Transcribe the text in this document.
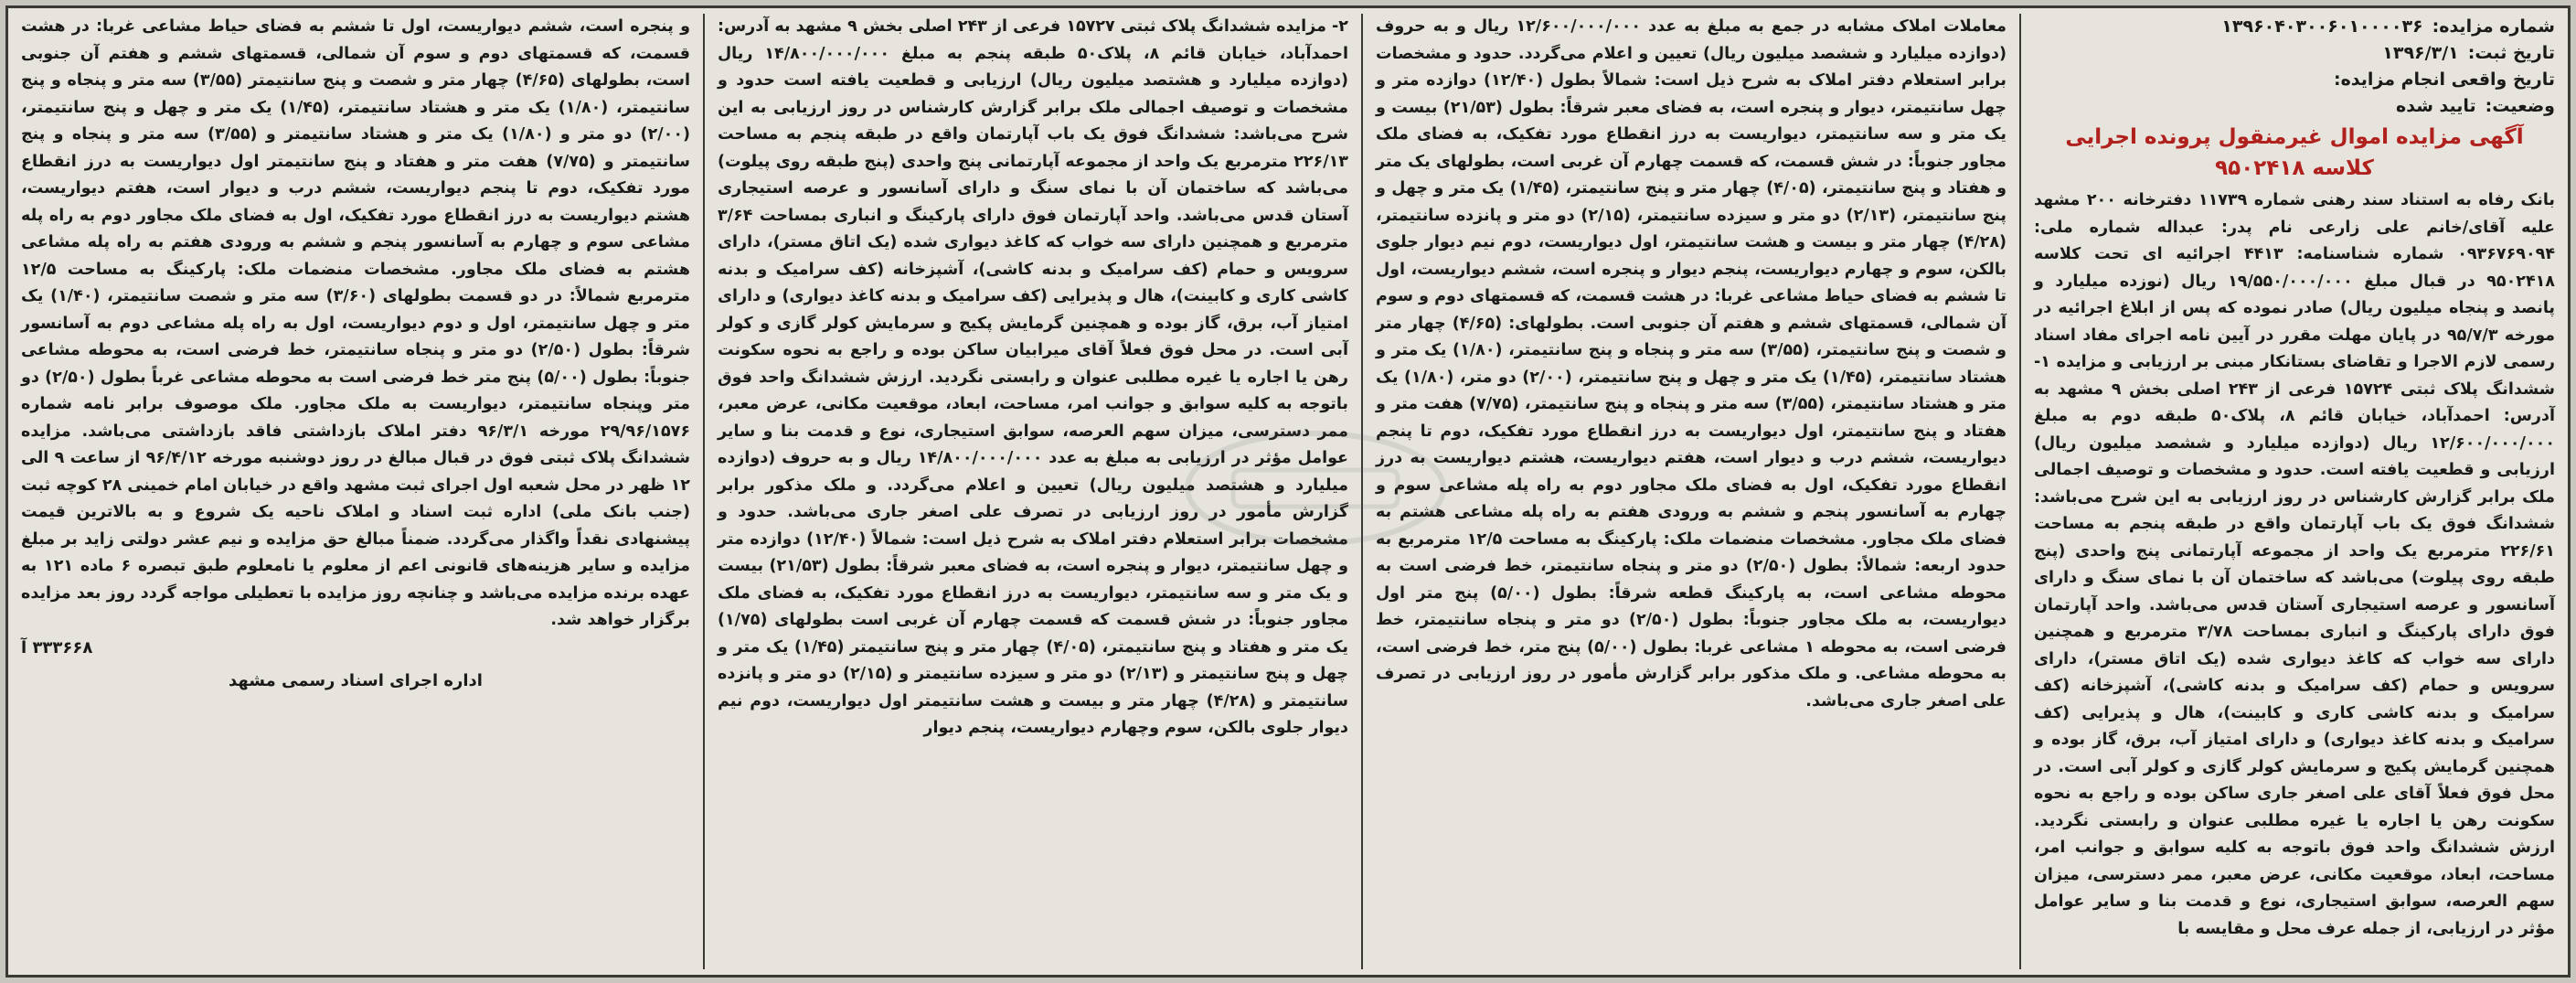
شماره مزایده:
۱۳۹۶۰۴۰۳۰۰۶۰۱۰۰۰۰۳۶
تاریخ ثبت:
۱۳۹۶/۳/۱
تاریخ واقعی انجام مزایده:
وضعیت:
تایید شده
آگهی مزایده اموال غیرمنقول پرونده اجرایی کلاسه ۹۵۰۲۴۱۸

بانک رفاه به استناد سند رهنی شماره ۱۱۷۳۹ دفترخانه ۲۰۰ مشهد علیه آقای/خانم علی زارعی نام پدر: عبداله شماره ملی: ۰۹۳۶۷۶۹۰۹۴ شماره شناسنامه: ۴۴۱۳ اجرائیه ای تحت کلاسه ۹۵۰۲۴۱۸ در قبال مبلغ ۱۹/۵۵۰/۰۰۰/۰۰۰ ریال (نوزده میلیارد و پانصد و پنجاه میلیون ریال) صادر نموده که پس از ابلاغ اجرائیه در مورخه ۹۵/۷/۳ در پایان مهلت مقرر در آیین نامه اجرای مفاد اسناد رسمی لازم الاجرا و تقاضای بستانکار مبنی بر ارزیابی و مزایده ۱- ششدانگ پلاک ثبتی ۱۵۷۲۴ فرعی از ۲۴۳ اصلی بخش ۹ مشهد به آدرس: احمدآباد، خیابان قائم ۸، پلاک۵۰ طبقه دوم به مبلغ ۱۲/۶۰۰/۰۰۰/۰۰۰ ریال (دوازده میلیارد و ششصد میلیون ریال) ارزیابی و قطعیت یافته است. حدود و مشخصات و توصیف اجمالی ملک برابر گزارش کارشناس در روز ارزیابی به این شرح می‌باشد: ششدانگ فوق یک باب آپارتمان واقع در طبقه پنجم به مساحت ۲۲۶/۶۱ مترمربع یک واحد از مجموعه آپارتمانی پنج واحدی (پنج طبقه روی پیلوت) می‌باشد که ساختمان آن با نمای سنگ و دارای آسانسور و عرصه استیجاری آستان قدس می‌باشد. واحد آپارتمان فوق دارای پارکینگ و انباری بمساحت ۳/۷۸ مترمربع و همچنین دارای سه خواب که کاغذ دیواری شده (یک اتاق مستر)، دارای سرویس و حمام (کف سرامیک و بدنه کاشی)، آشپزخانه (کف سرامیک و بدنه کاشی کاری و کابینت)، هال و پذیرایی (کف سرامیک و بدنه کاغذ دیواری) و دارای امتیاز آب، برق، گاز بوده و همچنین گرمایش پکیج و سرمایش کولر گازی و کولر آبی است. در محل فوق فعلاً آقای علی اصغر جاری ساکن بوده و راجع به نحوه سکونت رهن یا اجاره یا غیره مطلبی عنوان و رابستی نگردید. ارزش ششدانگ واحد فوق باتوجه به کلیه سوابق و جوانب امر، مساحت، ابعاد، موقعیت مکانی، عرض معبر، ممر دسترسی، میزان سهم العرصه، سوابق استیجاری، نوع و قدمت بنا و سایر عوامل مؤثر در ارزیابی، از جمله عرف محل و مقایسه با

معاملات املاک مشابه در جمع به مبلغ به عدد ۱۲/۶۰۰/۰۰۰/۰۰۰ ریال و به حروف (دوازده میلیارد و ششصد میلیون ریال) تعیین و اعلام می‌گردد. حدود و مشخصات برابر استعلام دفتر املاک به شرح ذیل است: شمالاً بطول (۱۲/۴۰) دوازده متر و چهل سانتیمتر، دیوار و پنجره است، به فضای معبر شرقاً: بطول (۲۱/۵۳) بیست و یک متر و سه سانتیمتر، دیواریست به درز انقطاع مورد تفکیک، به فضای ملک مجاور جنوباً: در شش قسمت، که قسمت چهارم آن غربی است، بطولهای یک متر و هفتاد و پنج سانتیمتر، (۴/۰۵) چهار متر و پنج سانتیمتر، (۱/۴۵) یک متر و چهل و پنج سانتیمتر، (۲/۱۳) دو متر و سیزده سانتیمتر، (۲/۱۵) دو متر و پانزده سانتیمتر، (۴/۲۸) چهار متر و بیست و هشت سانتیمتر، اول دیواریست، دوم نیم دیوار جلوی بالکن، سوم و چهارم دیواریست، پنجم دیوار و پنجره است، ششم دیواریست، اول تا ششم به فضای حیاط مشاعی غربا: در هشت قسمت، که قسمتهای دوم و سوم آن شمالی، قسمتهای ششم و هفتم آن جنوبی است. بطولهای: (۴/۶۵) چهار متر و شصت و پنج سانتیمتر، (۳/۵۵) سه متر و پنجاه و پنج سانتیمتر، (۱/۸۰) یک متر و هشتاد سانتیمتر، (۱/۴۵) یک متر و چهل و پنج سانتیمتر، (۲/۰۰) دو متر، (۱/۸۰) یک متر و هشتاد سانتیمتر، (۳/۵۵) سه متر و پنجاه و پنج سانتیمتر، (۷/۷۵) هفت متر و هفتاد و پنج سانتیمتر، اول دیواریست به درز انقطاع مورد تفکیک، دوم تا پنجم دیواریست، ششم درب و دیوار است، هفتم دیواریست، هشتم دیواریست به درز انقطاع مورد تفکیک، اول به فضای ملک مجاور دوم به راه پله مشاعی سوم و چهارم به آسانسور پنجم و ششم به ورودی هفتم به راه پله مشاعی هشتم به فضای ملک مجاور. مشخصات منضمات ملک: پارکینگ به مساحت ۱۲/۵ مترمربع به حدود اربعه: شمالاً: بطول (۲/۵۰) دو متر و پنجاه سانتیمتر، خط فرضی است به محوطه مشاعی است، به پارکینگ قطعه شرقاً: بطول (۵/۰۰) پنج متر اول دیواریست، به ملک مجاور جنوباً: بطول (۲/۵۰) دو متر و پنجاه سانتیمتر، خط فرضی است، به محوطه ۱ مشاعی غربا: بطول (۵/۰۰) پنج متر، خط فرضی است، به محوطه مشاعی. و ملک مذکور برابر گزارش مأمور در روز ارزیابی در تصرف علی اصغر جاری می‌باشد.

۲- مزایده ششدانگ پلاک ثبتی ۱۵۷۲۷ فرعی از ۲۴۳ اصلی بخش ۹ مشهد به آدرس: احمدآباد، خیابان قائم ۸، پلاک۵۰ طبقه پنجم به مبلغ ۱۴/۸۰۰/۰۰۰/۰۰۰ ریال (دوازده میلیارد و هشتصد میلیون ریال) ارزیابی و قطعیت یافته است حدود و مشخصات و توصیف اجمالی ملک برابر گزارش کارشناس در روز ارزیابی به این شرح می‌باشد: ششدانگ فوق یک باب آپارتمان واقع در طبقه پنجم به مساحت ۲۲۶/۱۳ مترمربع یک واحد از مجموعه آپارتمانی پنج واحدی (پنج طبقه روی پیلوت) می‌باشد که ساختمان آن با نمای سنگ و دارای آسانسور و عرصه استیجاری آستان قدس می‌باشد. واحد آپارتمان فوق دارای پارکینگ و انباری بمساحت ۳/۶۴ مترمربع و همچنین دارای سه خواب که کاغذ دیواری شده (یک اتاق مستر)، دارای سرویس و حمام (کف سرامیک و بدنه کاشی)، آشپزخانه (کف سرامیک و بدنه کاشی کاری و کابینت)، هال و پذیرایی (کف سرامیک و بدنه کاغذ دیواری) و دارای امتیاز آب، برق، گاز بوده و همچنین گرمایش پکیج و سرمایش کولر گازی و کولر آبی است. در محل فوق فعلاً آقای میرابیان ساکن بوده و راجع به نحوه سکونت رهن یا اجاره یا غیره مطلبی عنوان و رابستی نگردید. ارزش ششدانگ واحد فوق باتوجه به کلیه سوابق و جوانب امر، مساحت، ابعاد، موقعیت مکانی، عرض معبر، ممر دسترسی، میزان سهم العرصه، سوابق استیجاری، نوع و قدمت بنا و سایر عوامل مؤثر در ارزیابی به مبلغ به عدد ۱۴/۸۰۰/۰۰۰/۰۰۰ ریال و به حروف (دوازده میلیارد و هشتصد میلیون ریال) تعیین و اعلام می‌گردد. و ملک مذکور برابر گزارش مأمور در روز ارزیابی در تصرف علی اصغر جاری می‌باشد. حدود و مشخصات برابر استعلام دفتر املاک به شرح ذیل است: شمالاً (۱۲/۴۰) دوازده متر و چهل سانتیمتر، دیوار و پنجره است، به فضای معبر شرقاً: بطول (۲۱/۵۳) بیست و یک متر و سه سانتیمتر، دیواریست به درز انقطاع مورد تفکیک، به فضای ملک مجاور جنوباً: در شش قسمت که قسمت چهارم آن غربی است بطولهای (۱/۷۵) یک متر و هفتاد و پنج سانتیمتر، (۴/۰۵) چهار متر و پنج سانتیمتر (۱/۴۵) یک متر و چهل و پنج سانتیمتر و (۲/۱۳) دو متر و سیزده سانتیمتر و (۲/۱۵) دو متر و پانزده سانتیمتر و (۴/۲۸) چهار متر و بیست و هشت سانتیمتر اول دیواریست، دوم نیم دیوار جلوی بالکن، سوم وچهارم دیواریست، پنجم دیوار

و پنجره است، ششم دیواریست، اول تا ششم به فضای حیاط مشاعی غربا: در هشت قسمت، که قسمتهای دوم و سوم آن شمالی، قسمتهای ششم و هفتم آن جنوبی است، بطولهای (۴/۶۵) چهار متر و شصت و پنج سانتیمتر (۳/۵۵) سه متر و پنجاه و پنج سانتیمتر، (۱/۸۰) یک متر و هشتاد سانتیمتر، (۱/۴۵) یک متر و چهل و پنج سانتیمتر، (۲/۰۰) دو متر و (۱/۸۰) یک متر و هشتاد سانتیمتر و (۳/۵۵) سه متر و پنجاه و پنج سانتیمتر و (۷/۷۵) هفت متر و هفتاد و پنج سانتیمتر اول دیواریست به درز انقطاع مورد تفکیک، دوم تا پنجم دیواریست، ششم درب و دیوار است، هفتم دیواریست، هشتم دیواریست به درز انقطاع مورد تفکیک، اول به فضای ملک مجاور دوم به راه پله مشاعی سوم و چهارم به آسانسور پنجم و ششم به ورودی هفتم به راه پله مشاعی هشتم به فضای ملک مجاور. مشخصات منضمات ملک: پارکینگ به مساحت ۱۲/۵ مترمربع شمالاً: در دو قسمت بطولهای (۳/۶۰) سه متر و شصت سانتیمتر، (۱/۴۰) یک متر و چهل سانتیمتر، اول و دوم دیواریست، اول به راه پله مشاعی دوم به آسانسور شرقاً: بطول (۲/۵۰) دو متر و پنجاه سانتیمتر، خط فرضی است، به محوطه مشاعی جنوباً: بطول (۵/۰۰) پنج متر خط فرضی است به محوطه مشاعی غرباً بطول (۲/۵۰) دو متر وپنجاه سانتیمتر، دیواریست به ملک مجاور. ملک موصوف برابر نامه شماره ۲۹/۹۶/۱۵۷۶ مورخه ۹۶/۳/۱ دفتر املاک بازداشتی فاقد بازداشتی می‌باشد. مزایده ششدانگ پلاک ثبتی فوق در قبال مبالغ در روز دوشنبه مورخه ۹۶/۴/۱۲ از ساعت ۹ الی ۱۲ ظهر در محل شعبه اول اجرای ثبت مشهد واقع در خیابان امام خمینی ۲۸ کوچه ثبت (جنب بانک ملی) اداره ثبت اسناد و املاک ناحیه یک شروع و به بالاترین قیمت پیشنهادی نقداً واگذار می‌گردد. ضمناً مبالغ حق مزایده و نیم عشر دولتی زاید بر مبلغ مزایده و سایر هزینه‌های قانونی اعم از معلوم یا نامعلوم طبق تبصره ۶ ماده ۱۲۱ به عهده برنده مزایده می‌باشد و چنانچه روز مزایده با تعطیلی مواجه گردد روز بعد مزایده برگزار خواهد شد.

۳۳۳۶۶۸ آ
اداره اجرای اسناد رسمی مشهد
